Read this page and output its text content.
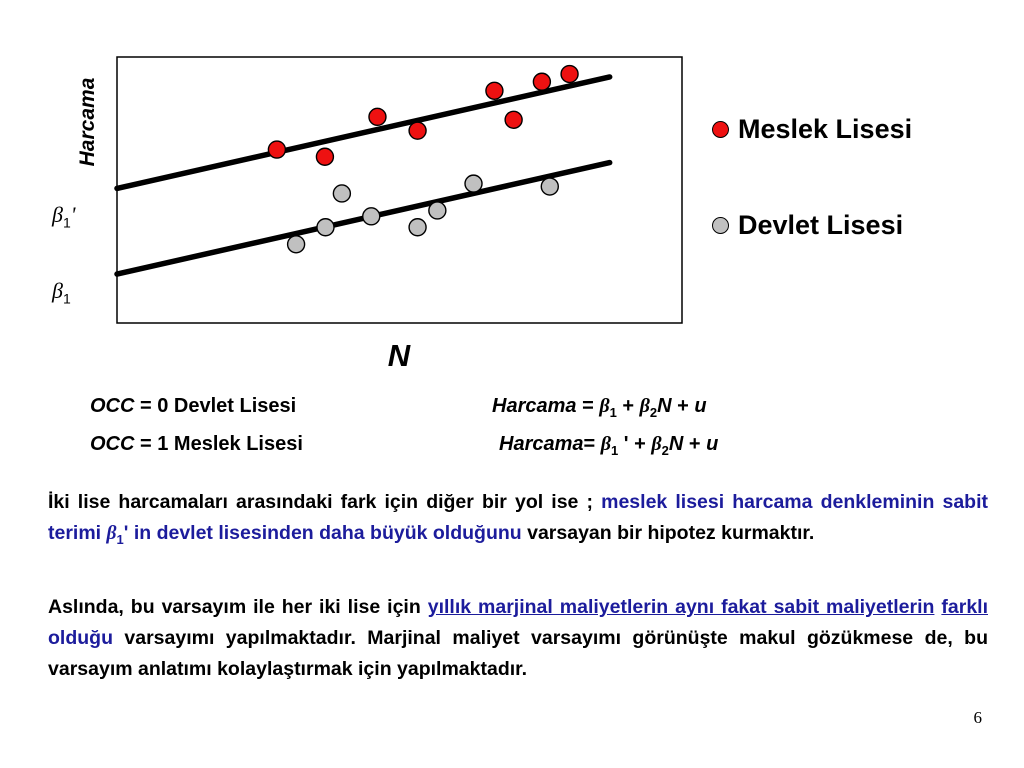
Harcama
N
$\beta_1'$
$\beta_1$
Meslek Lisesi
Devlet Lisesi
OCC = 0 Devlet Lisesi	Harcama = $\beta_1 + \beta_2N + u$
OCC = 1 Meslek Lisesi	Harcama= $\beta_1$ ' + $\beta_2N + u$

İki lise harcamaları arasındaki fark için diğer bir yol ise ; meslek lisesi harcama denkleminin sabit terimi $\beta_1'$ in devlet lisesinden daha büyük olduğunu varsayan bir hipotez kurmaktır.

Aslında, bu varsayım ile her iki lise için yıllık marjinal maliyetlerin aynı fakat sabit maliyetlerin farklı olduğu varsayımı yapılmaktadır. Marjinal maliyet varsayımı görünüşte makul gözükmese de, bu varsayım anlatımı kolaylaştırmak için yapılmaktadır.

6
